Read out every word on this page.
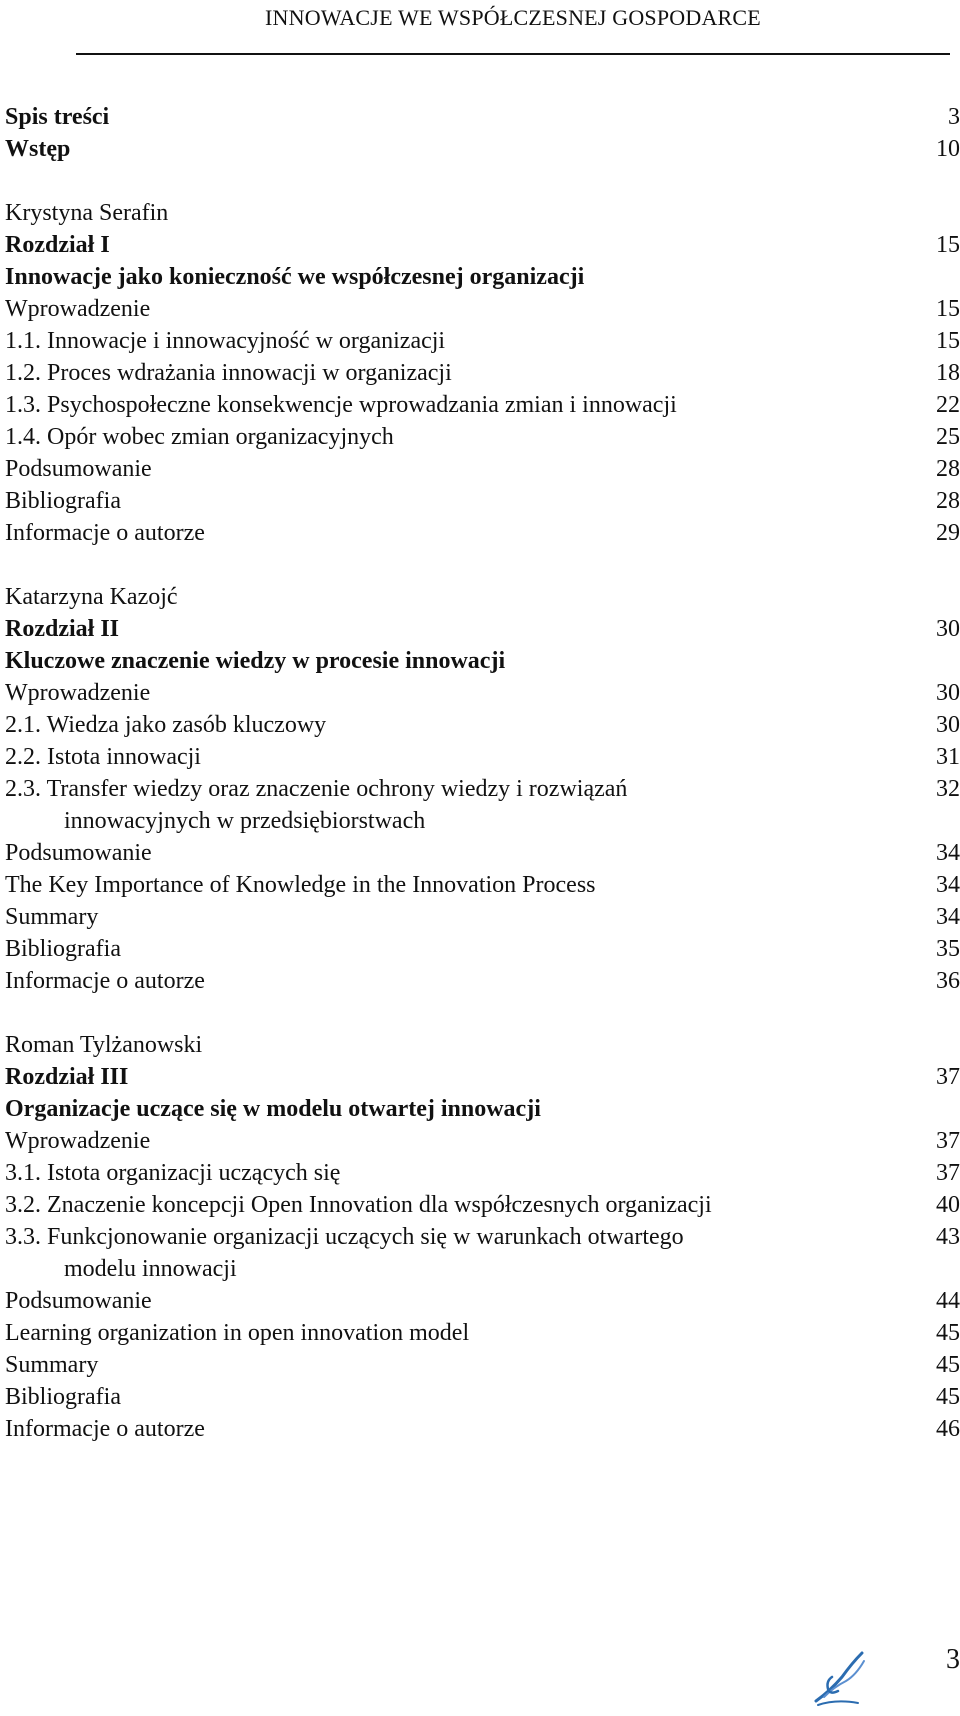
INNOWACJE WE WSPÓŁCZESNEJ GOSPODARCE
Spis treści	3
Wstęp	10
Krystyna Serafin
Rozdział I	15
Innowacje jako konieczność we współczesnej organizacji
Wprowadzenie	15
1.1. Innowacje i innowacyjność w organizacji	15
1.2. Proces wdrażania innowacji w organizacji	18
1.3. Psychospołeczne konsekwencje wprowadzania zmian i innowacji	22
1.4. Opór wobec zmian organizacyjnych	25
Podsumowanie	28
Bibliografia	28
Informacje o autorze	29
Katarzyna Kazojć
Rozdział II	30
Kluczowe znaczenie wiedzy w procesie innowacji
Wprowadzenie	30
2.1. Wiedza jako zasób kluczowy	30
2.2. Istota innowacji	31
2.3. Transfer wiedzy oraz znaczenie ochrony wiedzy i rozwiązań	32
innowacyjnych w przedsiębiorstwach
Podsumowanie	34
The Key Importance of Knowledge in the Innovation Process	34
Summary	34
Bibliografia	35
Informacje o autorze	36
Roman Tylżanowski
Rozdział III	37
Organizacje uczące się w modelu otwartej innowacji
Wprowadzenie	37
3.1. Istota organizacji uczących się	37
3.2. Znaczenie koncepcji Open Innovation dla współczesnych organizacji	40
3.3. Funkcjonowanie organizacji uczących się w warunkach otwartego	43
modelu innowacji
Podsumowanie	44
Learning organization in open innovation model	45
Summary	45
Bibliografia	45
Informacje o autorze	46
3
